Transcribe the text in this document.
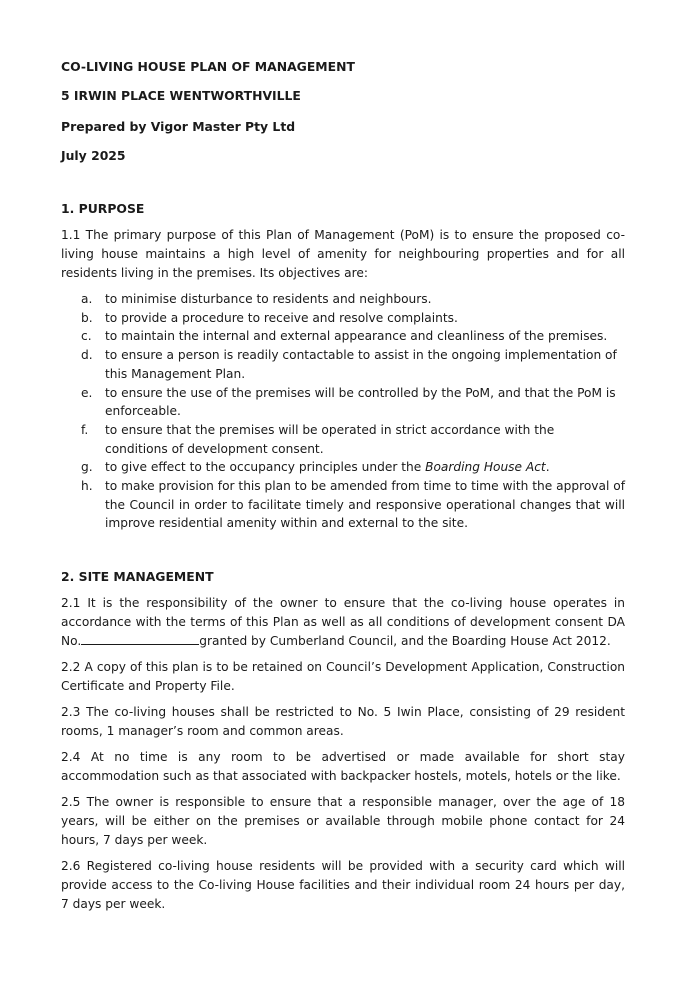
CO-LIVING HOUSE PLAN OF MANAGEMENT
5 IRWIN PLACE WENTWORTHVILLE
Prepared by Vigor Master Pty Ltd
July 2025
1. PURPOSE
1.1 The primary purpose of this Plan of Management (PoM) is to ensure the proposed co-living house maintains a high level of amenity for neighbouring properties and for all residents living in the premises. Its objectives are:
a.	to minimise disturbance to residents and neighbours.
b.	to provide a procedure to receive and resolve complaints.
c.	to maintain the internal and external appearance and cleanliness of the premises.
d.	to ensure a person is readily contactable to assist in the ongoing implementation of this Management Plan.
e.	to ensure the use of the premises will be controlled by the PoM, and that the PoM is enforceable.
f.	to ensure that the premises will be operated in strict accordance with the conditions of development consent.
g.	to give effect to the occupancy principles under the Boarding House Act.
h.	to make provision for this plan to be amended from time to time with the approval of the Council in order to facilitate timely and responsive operational changes that will improve residential amenity within and external to the site.
2. SITE MANAGEMENT
2.1 It is the responsibility of the owner to ensure that the co-living house operates in accordance with the terms of this Plan as well as all conditions of development consent DA No.	granted by Cumberland Council, and the Boarding House Act 2012.
2.2 A copy of this plan is to be retained on Council’s Development Application, Construction Certificate and Property File.
2.3 The co-living houses shall be restricted to No. 5 Iwin Place, consisting of 29 resident rooms, 1 manager’s room and common areas.
2.4 At no time is any room to be advertised or made available for short stay accommodation such as that associated with backpacker hostels, motels, hotels or the like.
2.5 The owner is responsible to ensure that a responsible manager, over the age of 18 years, will be either on the premises or available through mobile phone contact for 24 hours, 7 days per week.
2.6 Registered co-living house residents will be provided with a security card which will provide access to the Co-living House facilities and their individual room 24 hours per day, 7 days per week.
